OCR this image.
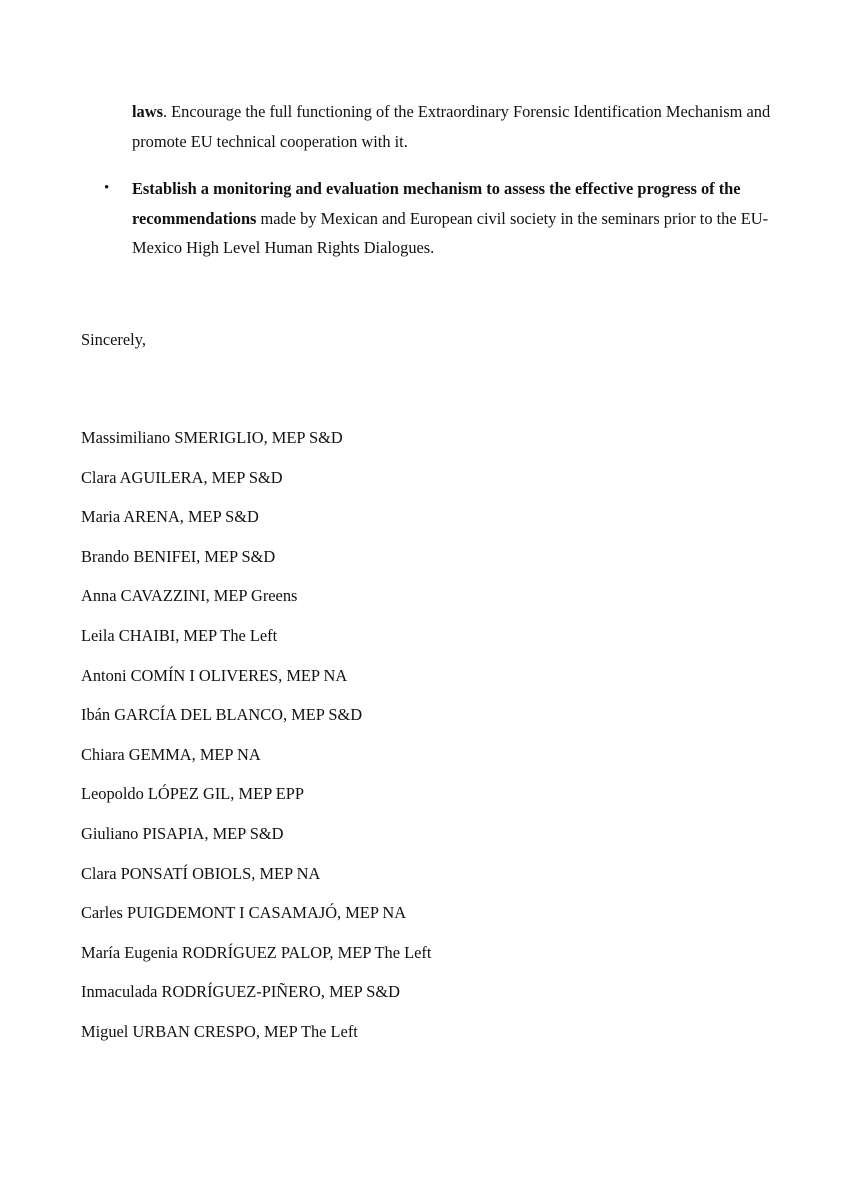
laws. Encourage the full functioning of the Extraordinary Forensic Identification Mechanism and promote EU technical cooperation with it.
• Establish a monitoring and evaluation mechanism to assess the effective progress of the recommendations made by Mexican and European civil society in the seminars prior to the EU-Mexico High Level Human Rights Dialogues.
Sincerely,
Massimiliano SMERIGLIO, MEP S&D
Clara AGUILERA, MEP S&D
Maria ARENA, MEP S&D
Brando BENIFEI, MEP S&D
Anna CAVAZZINI, MEP Greens
Leila CHAIBI, MEP The Left
Antoni COMÍN I OLIVERES, MEP NA
Ibán GARCÍA DEL BLANCO, MEP S&D
Chiara GEMMA, MEP NA
Leopoldo LÓPEZ GIL, MEP EPP
Giuliano PISAPIA, MEP S&D
Clara PONSATÍ OBIOLS, MEP NA
Carles PUIGDEMONT I CASAMAJÓ, MEP NA
María Eugenia RODRÍGUEZ PALOP, MEP The Left
Inmaculada RODRÍGUEZ-PIÑERO, MEP S&D
Miguel URBAN CRESPO, MEP The Left
